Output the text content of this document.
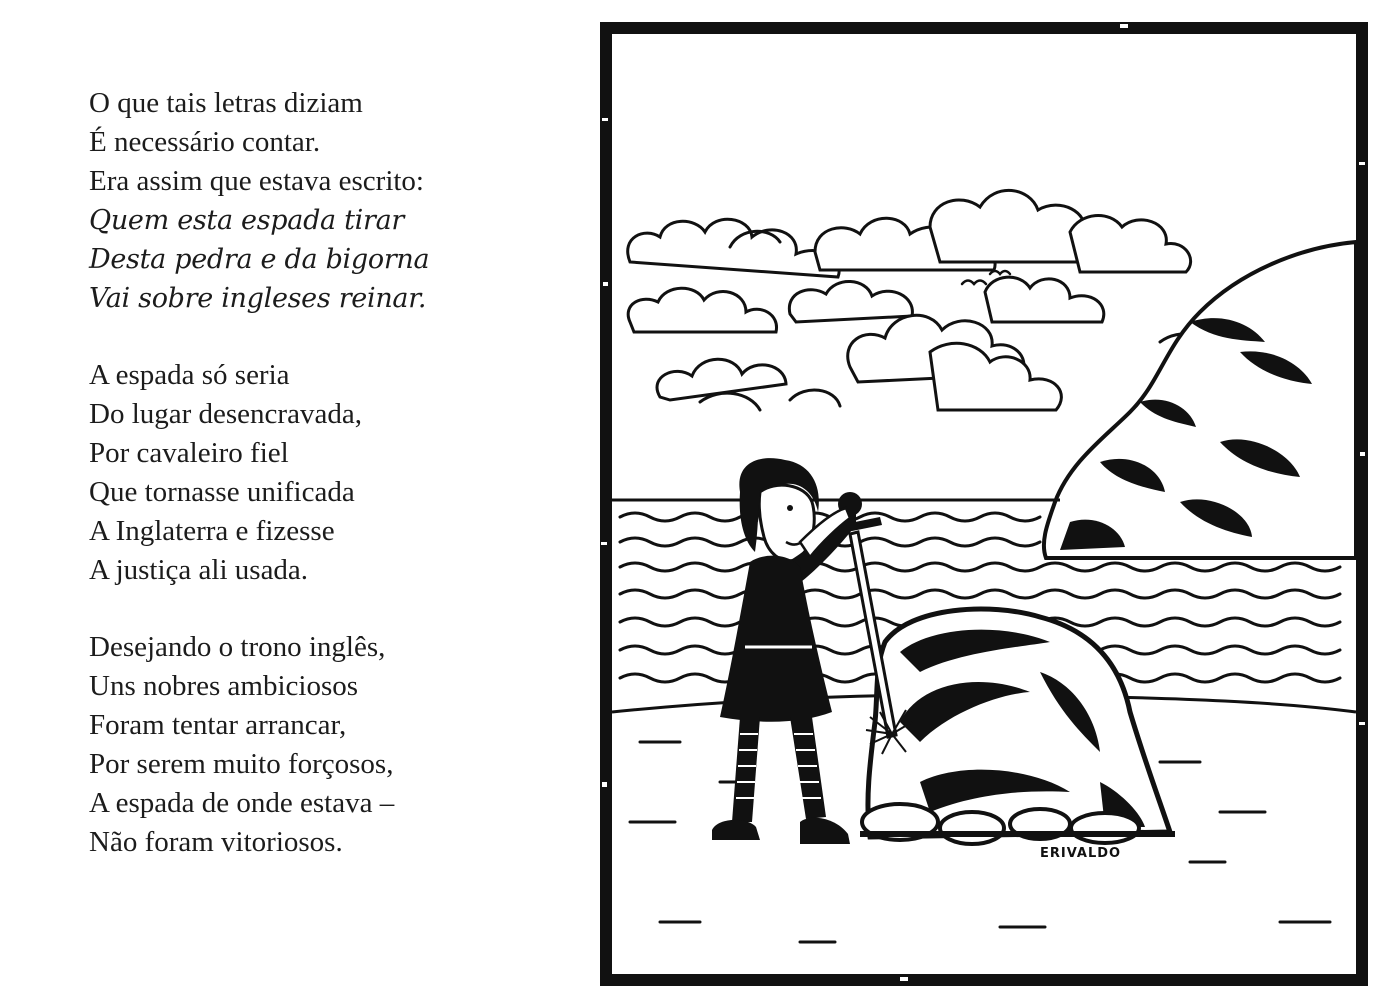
O que tais letras diziam
É necessário contar.
Era assim que estava escrito:
Quem esta espada tirar
Desta pedra e da bigorna
Vai sobre ingleses reinar.
A espada só seria
Do lugar desencravada,
Por cavaleiro fiel
Que tornasse unificada
A Inglaterra e fizesse
A justiça ali usada.
Desejando o trono inglês,
Uns nobres ambiciosos
Foram tentar arrancar,
Por serem muito forçosos,
A espada de onde estava –
Não foram vitoriosos.	ERIVALDO
